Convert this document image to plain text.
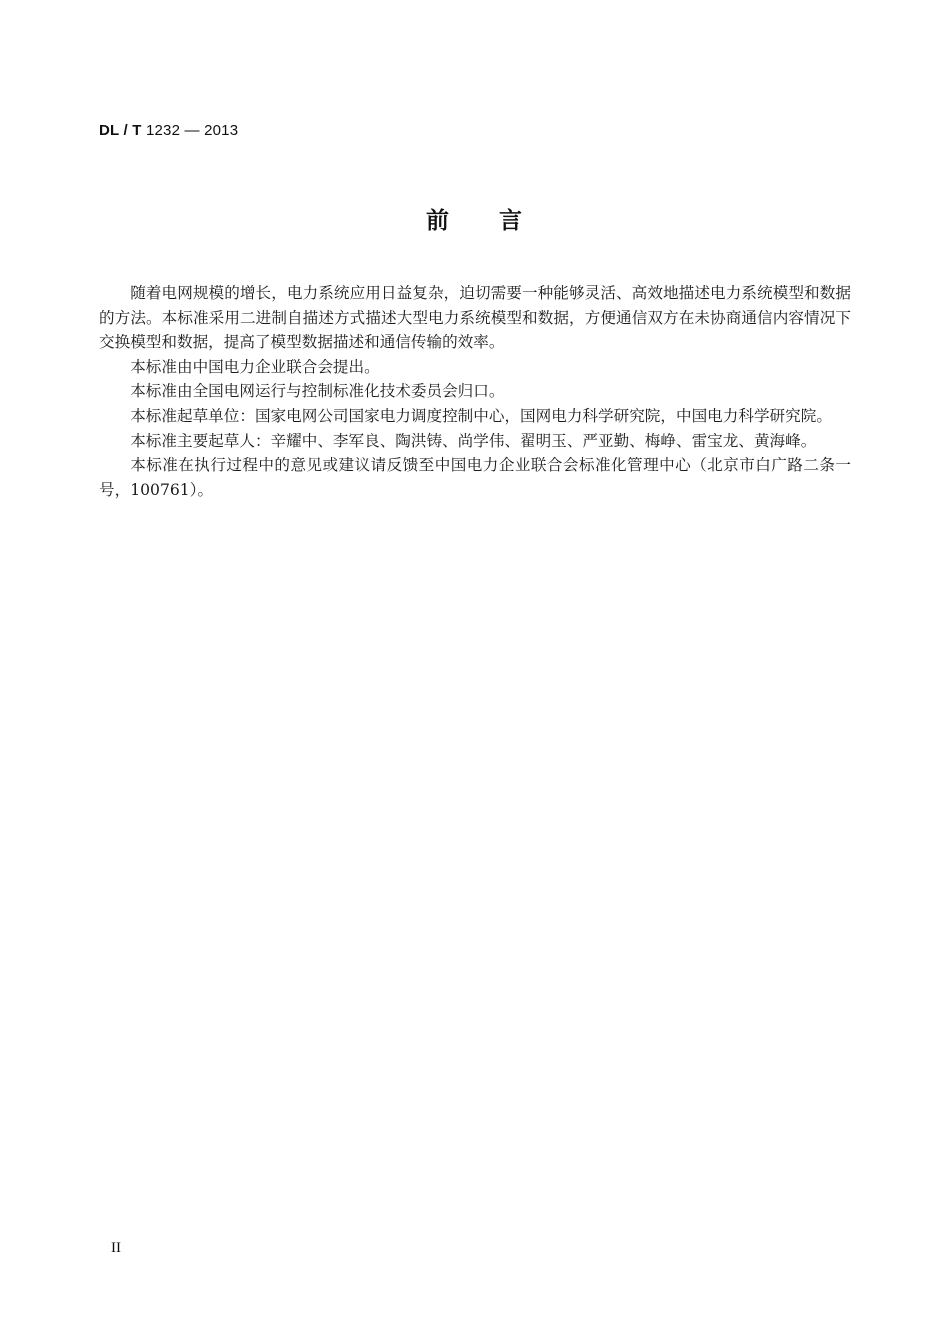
DL / T 1232 — 2013
前 言

随着电网规模的增长，电力系统应用日益复杂，迫切需要一种能够灵活、高效地描述电力系统模型和数据的方法。本标准采用二进制自描述方式描述大型电力系统模型和数据，方便通信双方在未协商通信内容情况下交换模型和数据，提高了模型数据描述和通信传输的效率。

本标准由中国电力企业联合会提出。

本标准由全国电网运行与控制标准化技术委员会归口。

本标准起草单位：国家电网公司国家电力调度控制中心，国网电力科学研究院，中国电力科学研究院。

本标准主要起草人：辛耀中、李军良、陶洪铸、尚学伟、翟明玉、严亚勤、梅峥、雷宝龙、黄海峰。

本标准在执行过程中的意见或建议请反馈至中国电力企业联合会标准化管理中心（北京市白广路二条一号，100761）。

II
